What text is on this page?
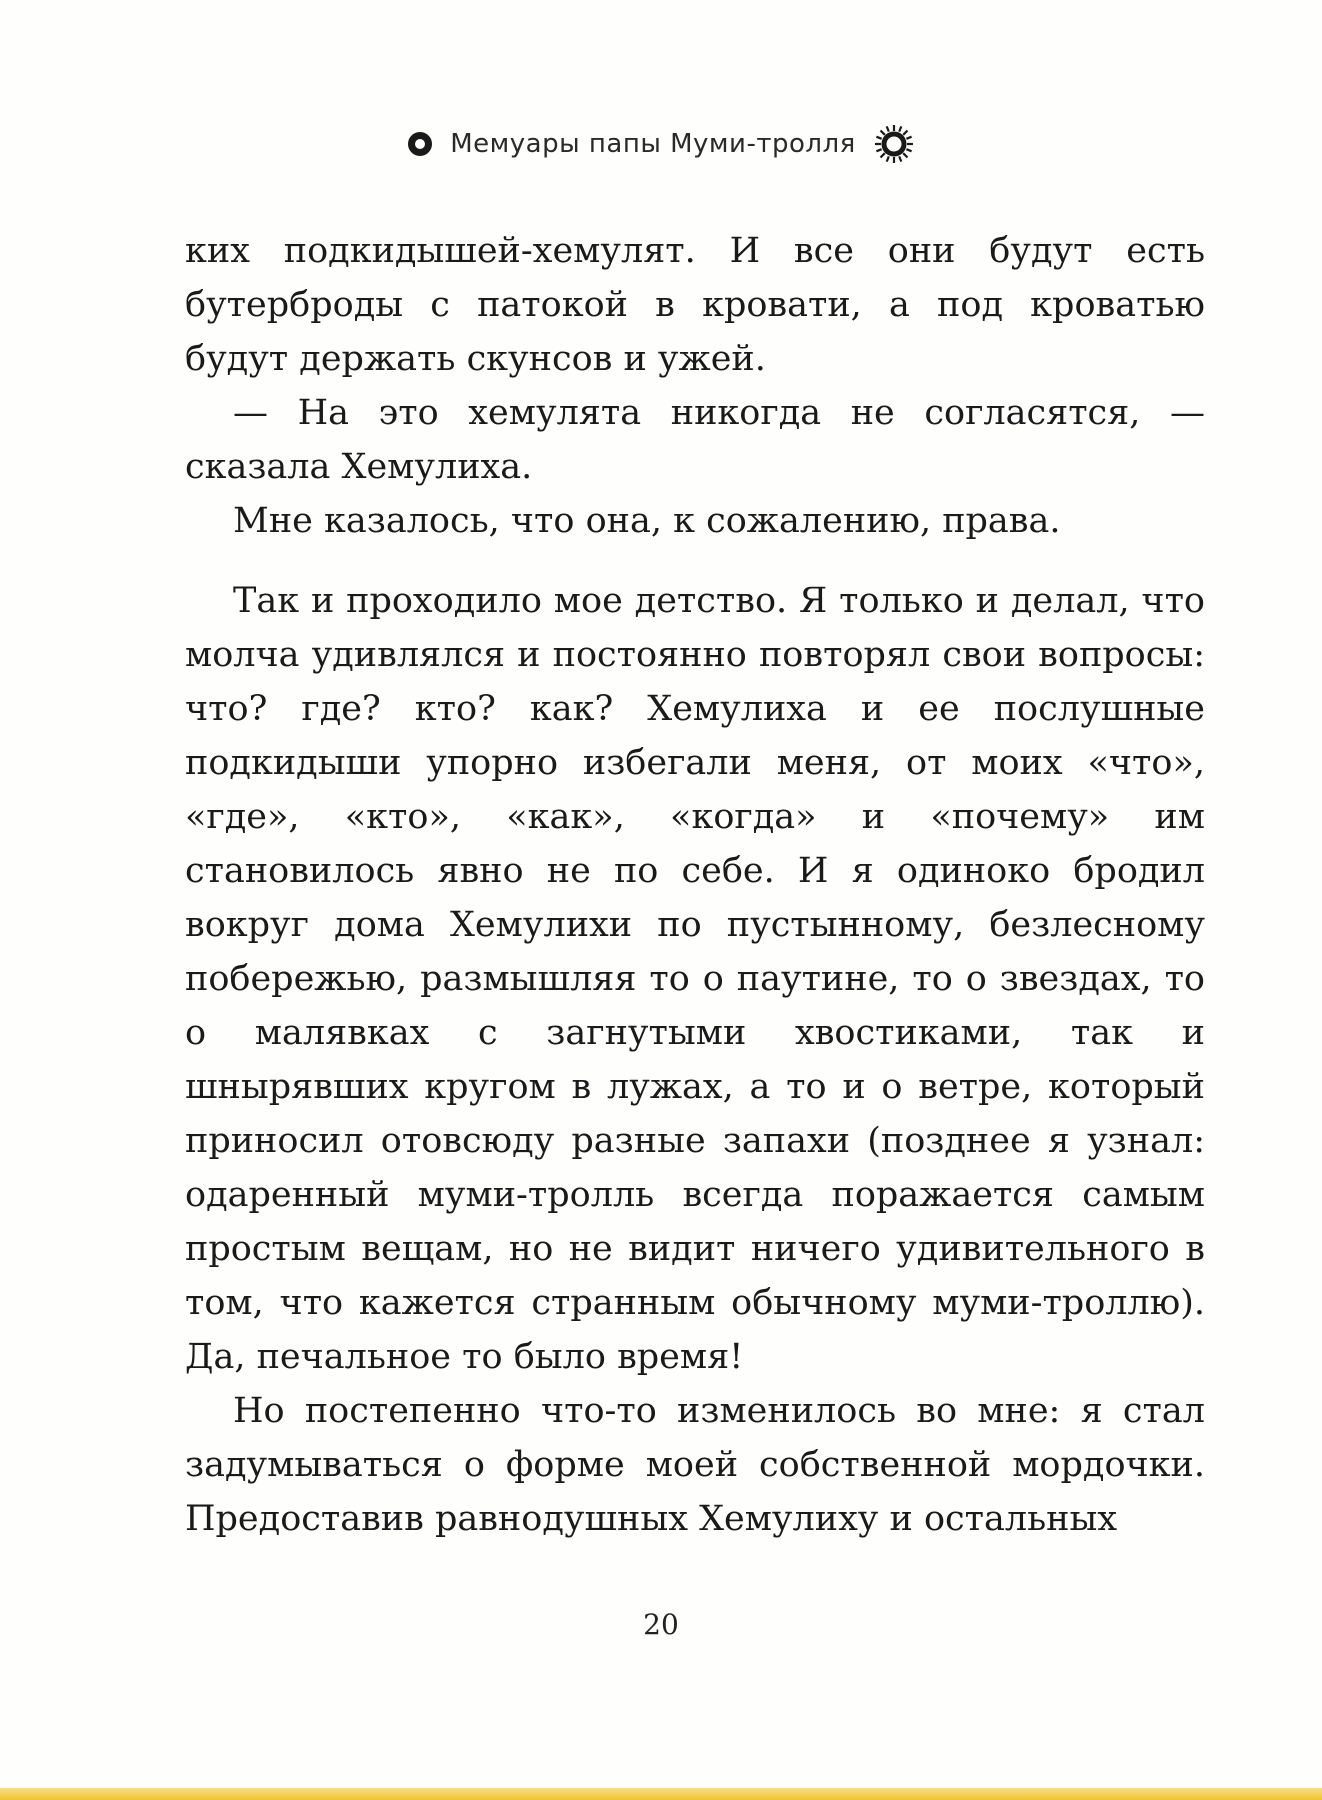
Мемуары папы Муми-тролля

ких подкидышей-хемулят. И все они будут есть бутерброды с патокой в кровати, а под кроватью будут держать скунсов и ужей.

— На это хемулята никогда не согласятся, — сказала Хемулиха.

Мне казалось, что она, к сожалению, права.

Так и проходило мое детство. Я только и делал, что молча удивлялся и постоянно повторял свои вопросы: что? где? кто? как? Хемулиха и ее послушные подкидыши упорно избегали меня, от моих «что», «где», «кто», «как», «когда» и «почему» им становилось явно не по себе. И я одиноко бродил вокруг дома Хемулихи по пустынному, безлесному побережью, размышляя то о паутине, то о звездах, то о малявках с загнутыми хвостиками, так и шнырявших кругом в лужах, а то и о ветре, который приносил отовсюду разные запахи (позднее я узнал: одаренный муми-тролль всегда поражается самым простым вещам, но не видит ничего удивительного в том, что кажется странным обычному муми-троллю). Да, печальное то было время!

Но постепенно что-то изменилось во мне: я стал задумываться о форме моей собственной мордочки. Предоставив равнодушных Хемулиху и остальных

20
